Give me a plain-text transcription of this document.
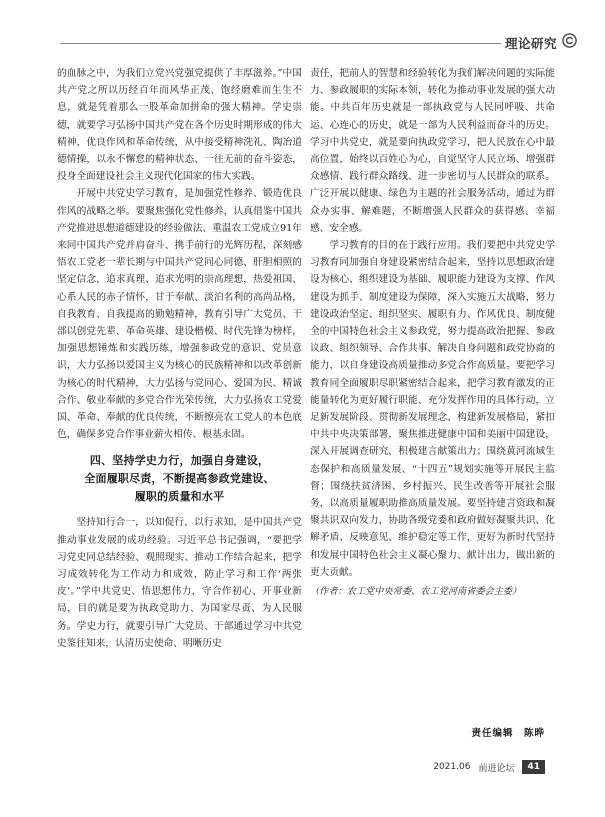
理论研究

的血脉之中，为我们立党兴党强党提供了丰厚滋养。”中国共产党之所以历经百年而风华正茂、饱经磨难而生生不息，就是凭着那么一股革命加拼命的强大精神。学史崇德，就要学习弘扬中国共产党在各个历史时期形成的伟大精神，优良作风和革命传统，从中接受精神洗礼、陶冶道德情操，以永不懈怠的精神状态、一往无前的奋斗姿态，投身全面建设社会主义现代化国家的伟大实践。

开展中共党史学习教育，是加强党性修养、锻造优良作风的战略之举。要聚焦强化党性修养，认真借鉴中国共产党推进思想道德建设的经验做法、重温农工党成立91年来同中国共产党并肩奋斗、携手前行的光辉历程，深刻感悟农工党老一辈长期与中国共产党同心同德、肝胆相照的坚定信念，追求真理、追求光明的崇高理想，热爱祖国、心系人民的赤子情怀，甘于奉献、淡泊名利的高尚品格，自我教育、自我提高的勤勉精神，教育引导广大党员、干部以创党先辈、革命英雄、建设楷模、时代先锋为榜样，加强思想锤炼和实践历练，增强参政党的意识、党员意识，大力弘扬以爱国主义为核心的民族精神和以改革创新为核心的时代精神，大力弘扬与党同心、爱国为民、精诚合作、敬业奉献的多党合作光荣传统，大力弘扬农工党爱国、革命、奉献的优良传统，不断擦亮农工党人的本色底色，确保多党合作事业薪火相传、根基永固。

四、坚持学史力行，加强自身建设，
全面履职尽责，不断提高参政党建设、
履职的质量和水平

坚持知行合一，以知促行，以行求知，是中国共产党推动事业发展的成功经验。习近平总书记强调，“要把学习党史同总结经验、观照现实、推动工作结合起来，把学习成效转化为工作动力和成效，防止学习和工作‘两张皮’。”学中共党史、悟思想伟力，守合作初心、开事业新局，目的就是要为执政党助力、为国家尽责、为人民服务。学史力行，就要引导广大党员、干部通过学习中共党史鉴往知来，认清历史使命、明晰历史

责任，把前人的智慧和经验转化为我们解决问题的实际能力、参政履职的实际本领，转化为推动事业发展的强大动能。中共百年历史就是一部执政党与人民同呼吸、共命运、心连心的历史，就是一部为人民利益而奋斗的历史。学习中共党史，就是要向执政党学习，把人民放在心中最高位置，始终以百姓心为心，自觉坚守人民立场、增强群众感情、践行群众路线、进一步密切与人民群众的联系。广泛开展以健康、绿色为主题的社会服务活动，通过为群众办实事、解难题，不断增强人民群众的获得感、幸福感、安全感。

学习教育的目的在于践行应用。我们要把中共党史学习教育同加强自身建设紧密结合起来，坚持以思想政治建设为核心、组织建设为基础、履职能力建设为支撑、作风建设为抓手、制度建设为保障，深入实施五大战略，努力建设政治坚定、组织坚实、履职有力、作风优良、制度健全的中国特色社会主义参政党，努力提高政治把握、参政议政、组织领导、合作共事、解决自身问题和政党协商的能力，以自身建设高质量推动多党合作高质量。要把学习教育同全面履职尽职紧密结合起来，把学习教育激发的正能量转化为更好履行职能、充分发挥作用的具体行动，立足新发展阶段、贯彻新发展理念、构建新发展格局，紧扣中共中央决策部署，聚焦推进健康中国和美丽中国建设，深入开展调查研究，积极建言献策出力；围绕黄河流域生态保护和高质量发展、“十四五”规划实施等开展民主监督；围绕扶贫济困、乡村振兴、民生改善等开展社会服务，以高质量履职助推高质量发展。要坚持建言资政和凝聚共识双向发力，协助各级党委和政府做好凝聚共识、化解矛盾、反映意见、维护稳定等工作，更好为新时代坚持和发展中国特色社会主义凝心聚力、献计出力，做出新的更大贡献。

（作者：农工党中央常委、农工党河南省委会主委）

责任编辑　陈晔
2021.06 前进论坛	41
